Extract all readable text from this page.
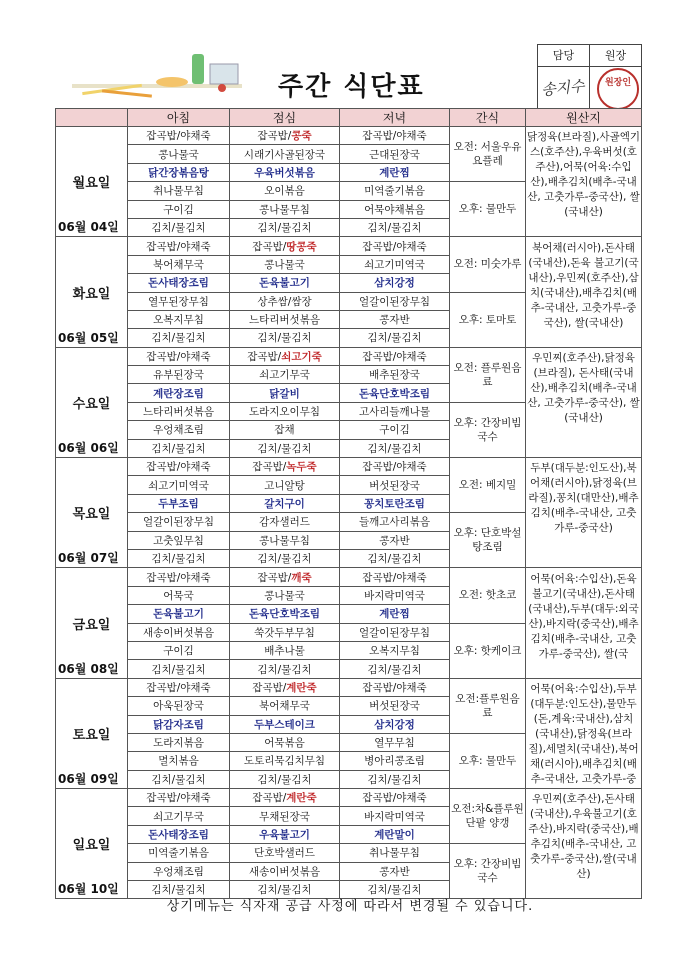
주간 식단표
담당	원장
송지수	원장인
	아침	점심	저녁	간식	원산지

월요일
06월 04일	잡곡밥/야채죽	잡곡밥/콩죽	잡곡밥/야채죽	오전: 서울우유 요플레	닭정육(브라질),사골엑기스(호주산),우육버섯(호주산),어묵(어육:수입산),배추김치(배추-국내산, 고춧가루-중국산), 쌀(국내산)

	콩나물국	시래기사골된장국	근대된장국		
	닭간장볶음탕	우육버섯볶음	계란찜		
	취나물무침	오이볶음	미역줄기볶음	오후: 물만두	
	구이김	콩나물무침	어묵야채볶음		
	김치/물김치	김치/물김치	김치/물김치		

화요일
06월 05일	잡곡밥/야채죽	잡곡밥/땅콩죽	잡곡밥/야채죽	오전: 미숫가루	북어채(러시아),돈사태(국내산),돈육 불고기(국내산),우민찌(호주산),삼치(국내산),배추김치(배추-국내산, 고춧가루-중국산), 쌀(국내산)

	북어채무국	콩나물국	쇠고기미역국		
	돈사태장조림	돈육불고기	삼치강정		
	열무된장무침	상추쌈/쌈장	얼갈이된장무침	오후: 토마토	
	오복지무침	느타리버섯볶음	콩자반		
	김치/물김치	김치/물김치	김치/물김치		

수요일
06월 06일	잡곡밥/야채죽	잡곡밥/쇠고기죽	잡곡밥/야채죽	오전: 플루원음료	우민찌(호주산),닭정육(브라질), 돈사태(국내산),배추김치(배추-국내산, 고춧가루-중국산), 쌀(국내산)

	유부된장국	쇠고기무국	배추된장국		
	계란장조림	닭갈비	돈육단호박조림		
	느타리버섯볶음	도라지오이무침	고사리들깨나물	오후: 간장비빔국수	
	우엉채조림	잡채	구이김		
	김치/물김치	김치/물김치	김치/물김치		

목요일
06월 07일	잡곡밥/야채죽	잡곡밥/녹두죽	잡곡밥/야채죽	오전: 베지밀	두부(대두분:인도산),북어채(러시아),닭정육(브라질),꽁치(대만산),배추김치(배추-국내산, 고춧가루-중국산)

	쇠고기미역국	고니알탕	버섯된장국		
	두부조림	갈치구이	꽁치토란조림		
	얼갈이된장무침	감자샐러드	들깨고사리볶음	오후: 단호박설탕조림	
	고춧잎무침	콩나물무침	콩자반		
	김치/물김치	김치/물김치	김치/물김치		

금요일
06월 08일	잡곡밥/야채죽	잡곡밥/깨죽	잡곡밥/야채죽	오전: 핫초코	어묵(어육:수입산),돈육불고기(국내산),돈사태(국내산),두부(대두:외국산),바지락(중국산),배추김치(배추-국내산, 고춧가루-중국산), 쌀(국

	어묵국	콩나물국	바지락미역국		
	돈육불고기	돈육단호박조림	계란찜		
	새송이버섯볶음	쑥갓두부무침	얼갈이된장무침	오후: 핫케이크	
	구이김	배추나물	오복지무침		
	김치/물김치	김치/물김치	김치/물김치		

토요일
06월 09일	잡곡밥/야채죽	잡곡밥/계란죽	잡곡밥/야채죽	오전:플루원음료	어묵(어육:수입산),두부(대두분:인도산),물만두(돈,계육:국내산),삼치(국내산),닭정육(브라질),세멸치(국내산),북어채(러시아),배추김치(배추-국내산, 고춧가루-중

	아욱된장국	북어채무국	버섯된장국		
	닭감자조림	두부스테이크	삼치강정		
	도라지볶음	어묵볶음	열무무침	오후: 물만두	
	멸치볶음	도토리묵김치무침	병아리콩조림		
	김치/물김치	김치/물김치	김치/물김치		

일요일
06월 10일	잡곡밥/야채죽	잡곡밥/계란죽	잡곡밥/야채죽	오전:차&플루원 단팥 양갱	우민찌(호주산),돈사태(국내산),우육불고기(호주산),바지락(중국산),배추김치(배추-국내산, 고춧가루-중국산),쌀(국내산)

	쇠고기무국	무채된장국	바지락미역국		
	돈사태장조림	우육불고기	계란말이		
	미역줄기볶음	단호박샐러드	취나물무침	오후: 간장비빔국수	
	우엉채조림	새송이버섯볶음	콩자반		
	김치/물김치	김치/물김치	김치/물김치		
상기메뉴는 식자재 공급 사정에 따라서 변경될 수 있습니다.
